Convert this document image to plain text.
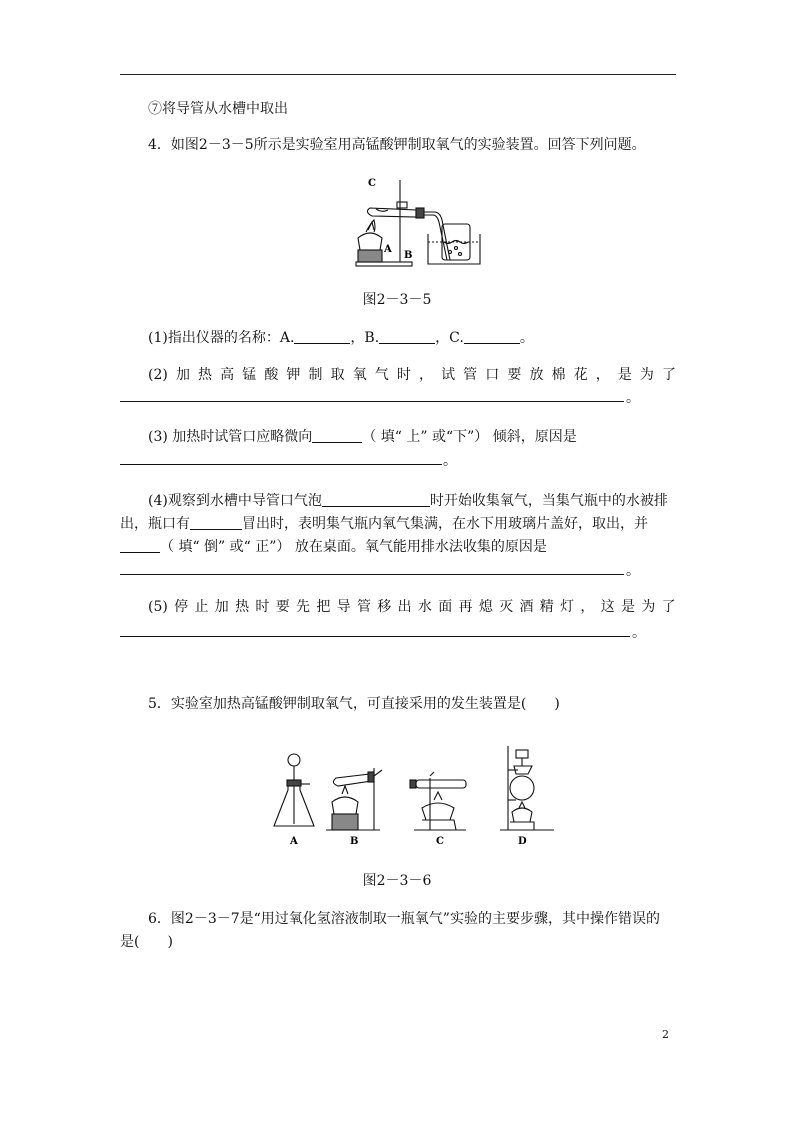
⑦将导管从水槽中取出
4．如图2－3－5所示是实验室用高锰酸钾制取氧气的实验装置。回答下列问题。
C
A
B
图2－3－5
(1)指出仪器的名称：A.	，B.	，C.	。
(2) 加 热 高 锰 酸 钾 制 取 氧 气 时 ， 试 管 口 要 放 棉 花 ， 是 为 了
。
(3) 加热时试管口应略微向	（ 填“ 上” 或“下”） 倾斜，原因是
。
(4)观察到水槽中导管口气泡	时开始收集氧气，当集气瓶中的水被排
出，瓶口有	冒出时，表明集气瓶内氧气集满，在水下用玻璃片盖好，取出，并
（ 填“ 倒” 或“ 正”） 放在桌面。氧气能用排水法收集的原因是
。
(5) 停 止 加 热 时 要 先 把 导 管 移 出 水 面 再 熄 灭 酒 精 灯 ， 这 是 为 了
。
5．实验室加热高锰酸钾制取氧气，可直接采用的发生装置是(　　)
A	B	C	D
图2－3－6
6．图2－3－7是“用过氧化氢溶液制取一瓶氧气”实验的主要步骤，其中操作错误的
是(　　)
2
